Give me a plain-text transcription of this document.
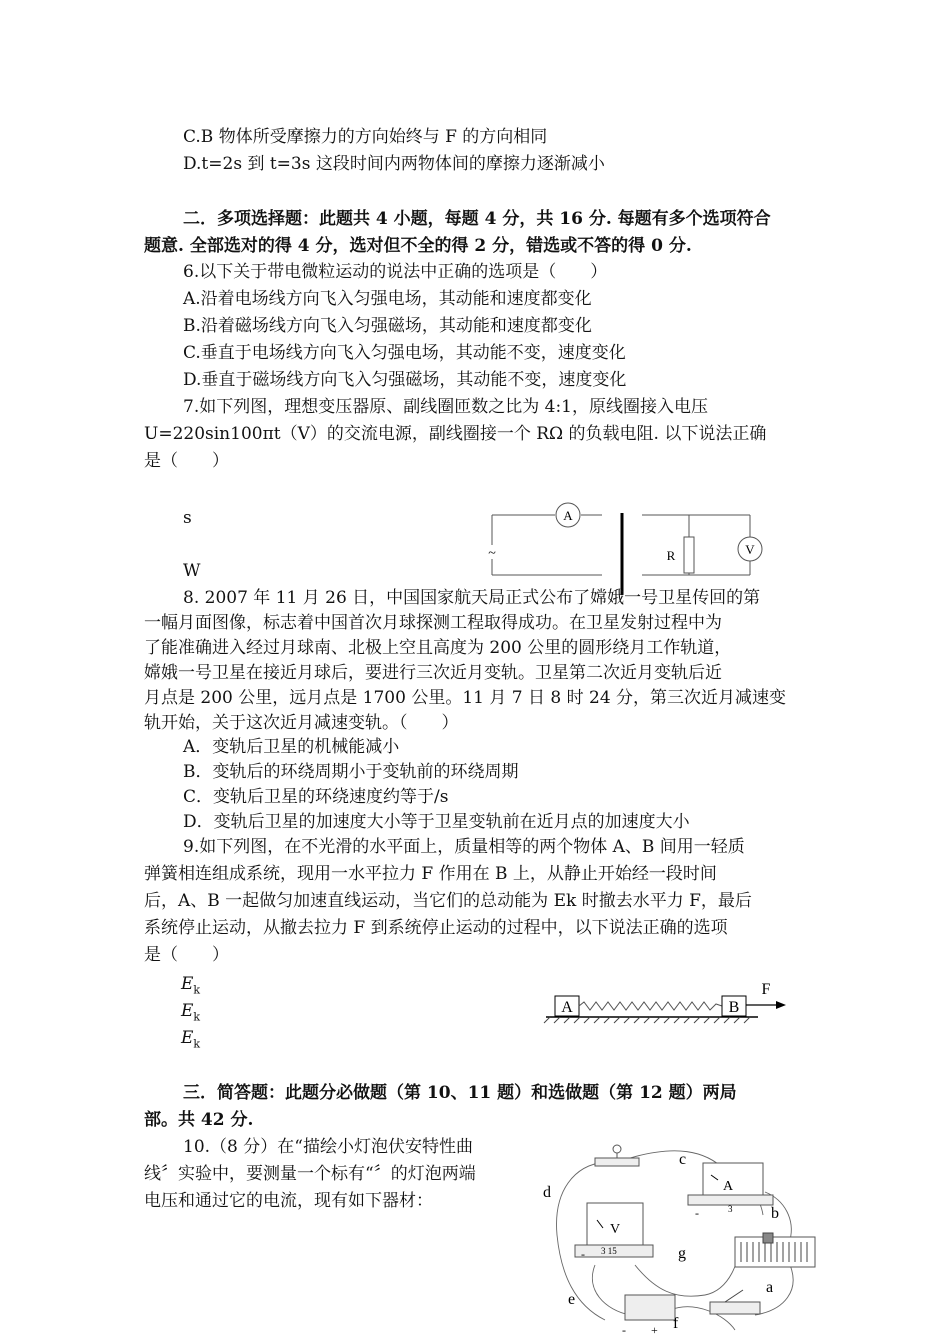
C.B 物体所受摩擦力的方向始终与 F 的方向相同
D.t=2s 到 t=3s 这段时间内两物体间的摩擦力逐渐减小
二．多项选择题：此题共 4 小题，每题 4 分，共 16 分. 每题有多个选项符合
题意. 全部选对的得 4 分，选对但不全的得 2 分，错选或不答的得 0 分.
6.以下关于带电微粒运动的说法中正确的选项是（　　）
A.沿着电场线方向飞入匀强电场，其动能和速度都变化
B.沿着磁场线方向飞入匀强磁场，其动能和速度都变化
C.垂直于电场线方向飞入匀强电场，其动能不变，速度变化
D.垂直于磁场线方向飞入匀强磁场，其动能不变，速度变化
7.如下列图，理想变压器原、副线圈匝数之比为 4:1，原线圈接入电压
U=220sin100πt（V）的交流电源，副线圈接一个 RΩ 的负载电阻. 以下说法正确
是（　　）
s
W
A
R	V
~
8. 2007 年 11 月 26 日，中国国家航天局正式公布了嫦娥一号卫星传回的第
一幅月面图像，标志着中国首次月球探测工程取得成功。在卫星发射过程中为
了能准确进入经过月球南、北极上空且高度为 200 公里的圆形绕月工作轨道，
嫦娥一号卫星在接近月球后，要进行三次近月变轨。卫星第二次近月变轨后近
月点是 200 公里，远月点是 1700 公里。11 月 7 日 8 时 24 分，第三次近月减速变
轨开始，关于这次近月减速变轨。（　　）
A．变轨后卫星的机械能减小
B．变轨后的环绕周期小于变轨前的环绕周期
C．变轨后卫星的环绕速度约等于/s
D．变轨后卫星的加速度大小等于卫星变轨前在近月点的加速度大小
9.如下列图，在不光滑的水平面上，质量相等的两个物体 A、B 间用一轻质
弹簧相连组成系统，现用一水平拉力 F 作用在 B 上，从静止开始经一段时间
后，A、B 一起做匀加速直线运动，当它们的总动能为 Ek 时撤去水平力 F，最后
系统停止运动，从撤去拉力 F 到系统停止运动的过程中，以下说法正确的选项
是（　　）
$E_k$
$E_k$
$E_k$
A	B
F
三．简答题：此题分必做题（第 10、11 题）和选做题（第 12 题）两局
部。共 42 分.
10.（8 分）在“描绘小灯泡伏安特性曲
线〞实验中，要测量一个标有“〞的灯泡两端
电压和通过它的电流，现有如下器材：
A
-	3
V
- 3 15
- +
c
b
d
g
a
e
f
